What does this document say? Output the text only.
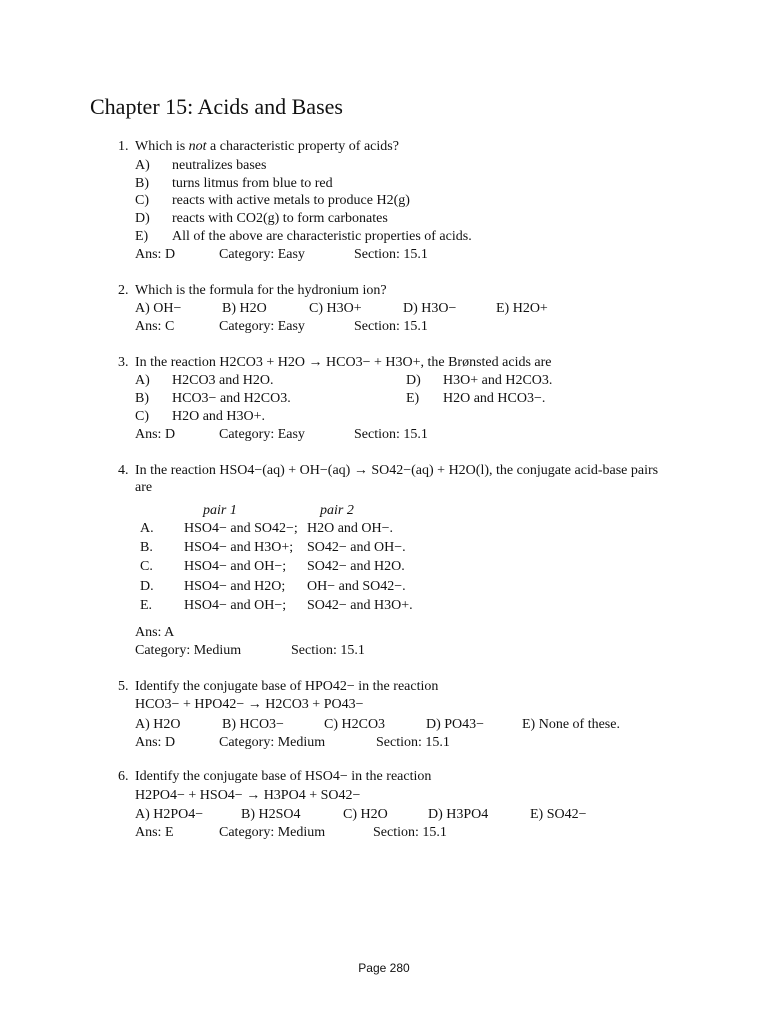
Chapter 15: Acids and Bases
1. Which is not a characteristic property of acids?
A) neutralizes bases
B) turns litmus from blue to red
C) reacts with active metals to produce H2(g)
D) reacts with CO2(g) to form carbonates
E) All of the above are characteristic properties of acids.
Ans: D	Category: Easy	Section: 15.1
2. Which is the formula for the hydronium ion?
A) OH−	B) H2O	C) H3O+	D) H3O−	E) H2O+
Ans: C	Category: Easy	Section: 15.1
3. In the reaction H2CO3 + H2O → HCO3− + H3O+, the Brønsted acids are
A) H2CO3 and H2O.
B) HCO3− and H2CO3.
C) H2O and H3O+.
D) H3O+ and H2CO3.
E) H2O and HCO3−.
Ans: D	Category: Easy	Section: 15.1
4. In the reaction HSO4−(aq) + OH−(aq) → SO42−(aq) + H2O(l), the conjugate acid-base pairs are
pair 1	pair 2
A. HSO4− and SO42−; H2O and OH−.
B. HSO4− and H3O+; SO42− and OH−.
C. HSO4− and OH−; SO42− and H2O.
D. HSO4− and H2O; OH− and SO42−.
E. HSO4− and OH−; SO42− and H3O+.
Ans: A
Category: Medium	Section: 15.1
5. Identify the conjugate base of HPO42− in the reaction
HCO3− + HPO42− → H2CO3 + PO43−
A) H2O	B) HCO3−	C) H2CO3	D) PO43−	E) None of these.
Ans: D	Category: Medium	Section: 15.1
6. Identify the conjugate base of HSO4− in the reaction
H2PO4− + HSO4− → H3PO4 + SO42−
A) H2PO4−	B) H2SO4	C) H2O	D) H3PO4	E) SO42−
Ans: E	Category: Medium	Section: 15.1
Page 280
